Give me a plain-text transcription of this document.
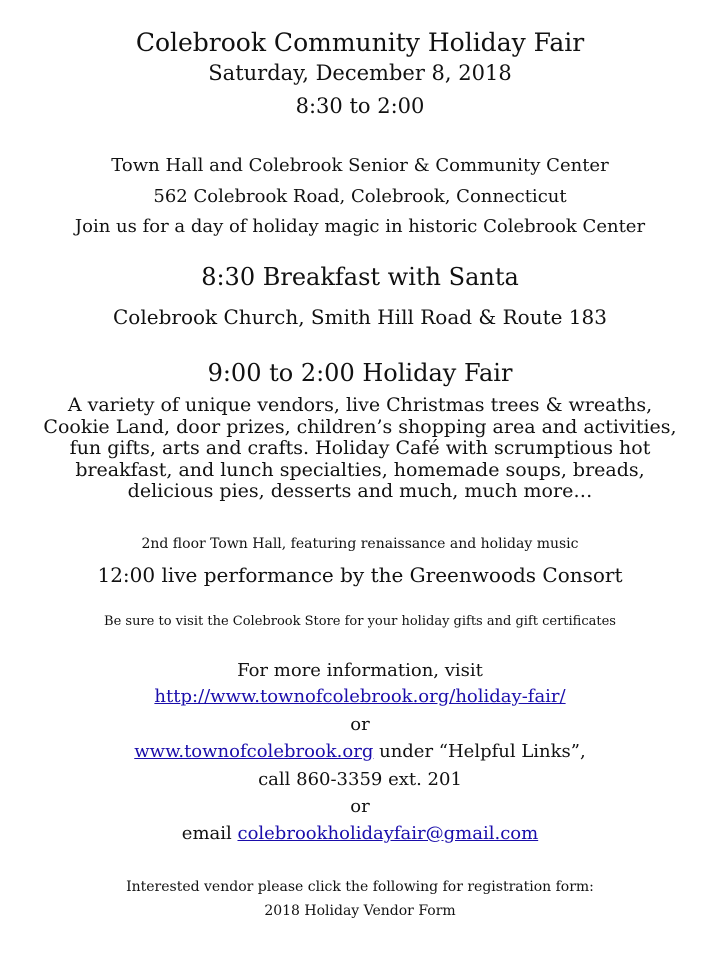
Colebrook Community Holiday Fair
Saturday, December 8, 2018
8:30 to 2:00
Town Hall and Colebrook Senior & Community Center
562 Colebrook Road, Colebrook, Connecticut
Join us for a day of holiday magic in historic Colebrook Center
8:30 Breakfast with Santa
Colebrook Church, Smith Hill Road & Route 183
9:00 to 2:00 Holiday Fair
A variety of unique vendors, live Christmas trees & wreaths, Cookie Land, door prizes, children’s shopping area and activities, fun gifts, arts and crafts. Holiday Café with scrumptious hot breakfast, and lunch specialties, homemade soups, breads, delicious pies, desserts and much, much more…
2nd floor Town Hall, featuring renaissance and holiday music
12:00 live performance by the Greenwoods Consort
Be sure to visit the Colebrook Store for your holiday gifts and gift certificates
For more information, visit
http://www.townofcolebrook.org/holiday-fair/
or
www.townofcolebrook.org under “Helpful Links”,
call 860-3359 ext. 201
or
email colebrookholidayfair@gmail.com
Interested vendor please click the following for registration form:
2018 Holiday Vendor Form
